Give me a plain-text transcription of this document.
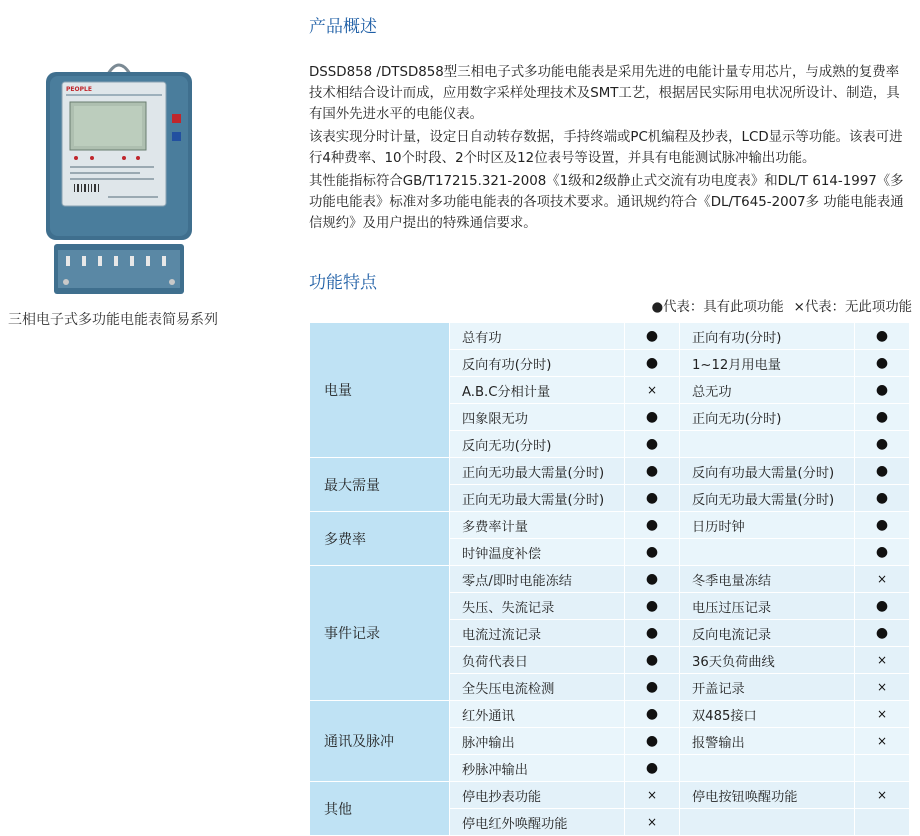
PEOPLE
三相电子式多功能电能表简易系列
产品概述

DSSD858 /DTSD858型三相电子式多功能电能表是采用先进的电能计量专用芯片，与成熟的复费率技术相结合设计而成，应用数字采样处理技术及SMT工艺，根据居民实际用电状况所设计、制造，具有国外先进水平的电能仪表。

该表实现分时计量，设定日自动转存数据，手持终端或PC机编程及抄表，LCD显示等功能。该表可进行4种费率、10个时段、2个时区及12位表号等设置，并具有电能测试脉冲输出功能。

其性能指标符合GB/T17215.321-2008《1级和2级静止式交流有功电度表》和DL/T 614-1997《多功能电能表》标准对多功能电能表的各项技术要求。通讯规约符合《DL/T645-2007多 功能电能表通信规约》及用户提出的特殊通信要求。

功能特点
●代表：具有此项功能 ×代表：无此项功能
电量	总有功	●	正向有功(分时)	●
	反向有功(分时)	●	1~12月用电量	●
	A.B.C分相计量	×	总无功	●
	四象限无功	●	正向无功(分时)	●
	反向无功(分时)	●		●
最大需量	正向无功最大需量(分时)	●	反向有功最大需量(分时)	●
	正向无功最大需量(分时)	●	反向无功最大需量(分时)	●
多费率	多费率计量	●	日历时钟	●
	时钟温度补偿	●		●
事件记录	零点/即时电能冻结	●	冬季电量冻结	×
	失压、失流记录	●	电压过压记录	●
	电流过流记录	●	反向电流记录	●
	负荷代表日	●	36天负荷曲线	×
	全失压电流检测	●	开盖记录	×
通讯及脉冲	红外通讯	●	双485接口	×
	脉冲输出	●	报警输出	×
	秒脉冲输出	●		
其他	停电抄表功能	×	停电按钮唤醒功能	×
	停电红外唤醒功能	×		
